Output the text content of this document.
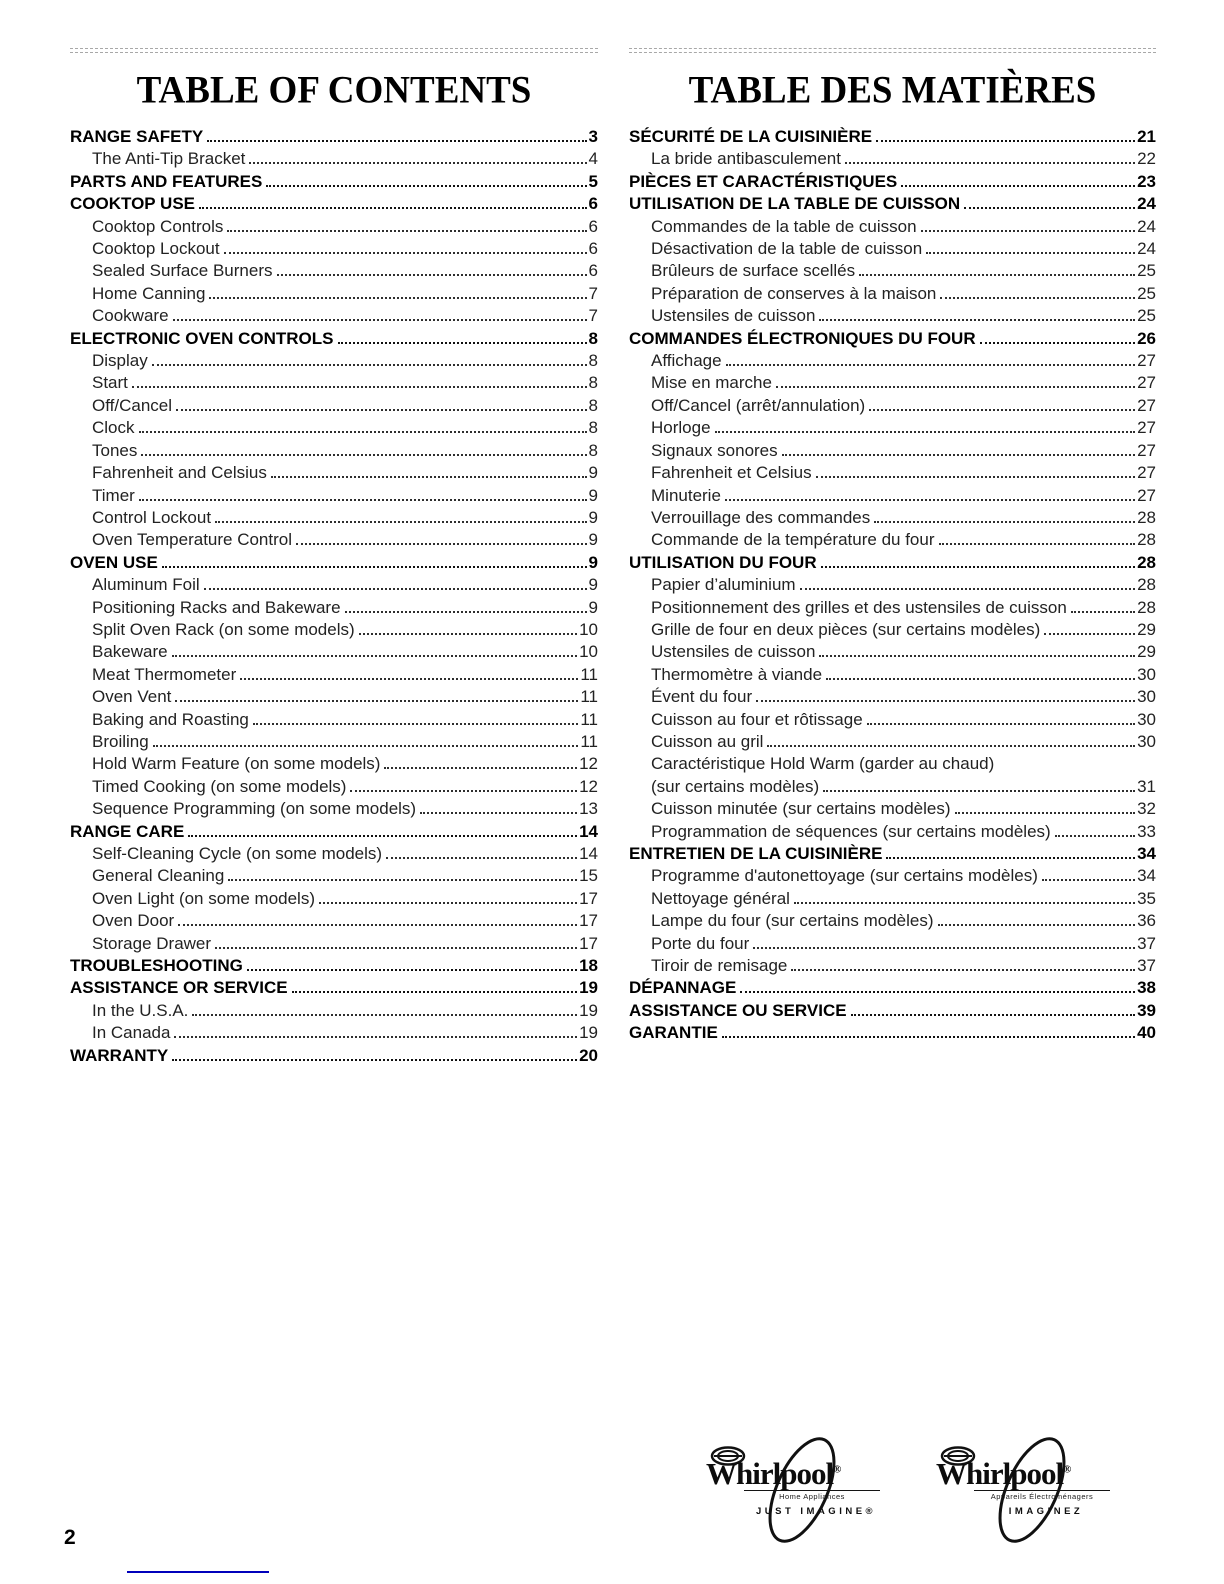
TABLE OF CONTENTS
RANGE SAFETY	3
The Anti-Tip Bracket	4
PARTS AND FEATURES	5
COOKTOP USE	6
Cooktop Controls	6
Cooktop Lockout	6
Sealed Surface Burners	6
Home Canning	7
Cookware	7
ELECTRONIC OVEN CONTROLS	8
Display	8
Start	8
Off/Cancel	8
Clock	8
Tones	8
Fahrenheit and Celsius	9
Timer	9
Control Lockout	9
Oven Temperature Control	9
OVEN USE	9
Aluminum Foil	9
Positioning Racks and Bakeware	9
Split Oven Rack (on some models)	10
Bakeware	10
Meat Thermometer	11
Oven Vent	11
Baking and Roasting	11
Broiling	11
Hold Warm Feature (on some models)	12
Timed Cooking (on some models)	12
Sequence Programming (on some models)	13
RANGE CARE	14
Self-Cleaning Cycle (on some models)	14
General Cleaning	15
Oven Light (on some models)	17
Oven Door	17
Storage Drawer	17
TROUBLESHOOTING	18
ASSISTANCE OR SERVICE	19
In the U.S.A.	19
In Canada	19
WARRANTY	20
TABLE DES MATIÈRES
SÉCURITÉ DE LA CUISINIÈRE	21
La bride antibasculement	22
PIÈCES ET CARACTÉRISTIQUES	23
UTILISATION DE LA TABLE DE CUISSON	24
Commandes de la table de cuisson	24
Désactivation de la table de cuisson	24
Brûleurs de surface scellés	25
Préparation de conserves à la maison	25
Ustensiles de cuisson	25
COMMANDES ÉLECTRONIQUES DU FOUR	26
Affichage	27
Mise en marche	27
Off/Cancel (arrêt/annulation)	27
Horloge	27
Signaux sonores	27
Fahrenheit et Celsius	27
Minuterie	27
Verrouillage des commandes	28
Commande de la température du four	28
UTILISATION DU FOUR	28
Papier d’aluminium	28
Positionnement des grilles et des ustensiles de cuisson	28
Grille de four en deux pièces (sur certains modèles)	29
Ustensiles de cuisson	29
Thermomètre à viande	30
Évent du four	30
Cuisson au four et rôtissage	30
Cuisson au gril	30
Caractéristique Hold Warm (garder au chaud)
(sur certains modèles)	31
Cuisson minutée (sur certains modèles)	32
Programmation de séquences (sur certains modèles)	33
ENTRETIEN DE LA CUISINIÈRE	34
Programme d'autonettoyage (sur certains modèles)	34
Nettoyage général	35
Lampe du four (sur certains modèles)	36
Porte du four	37
Tiroir de remisage	37
DÉPANNAGE	38
ASSISTANCE OU SERVICE	39
GARANTIE	40
Whirlpool®
Home Appliances
JUST IMAGINE®
Whirlpool®
Appareils Électroménagers
IMAGINEZ
2
